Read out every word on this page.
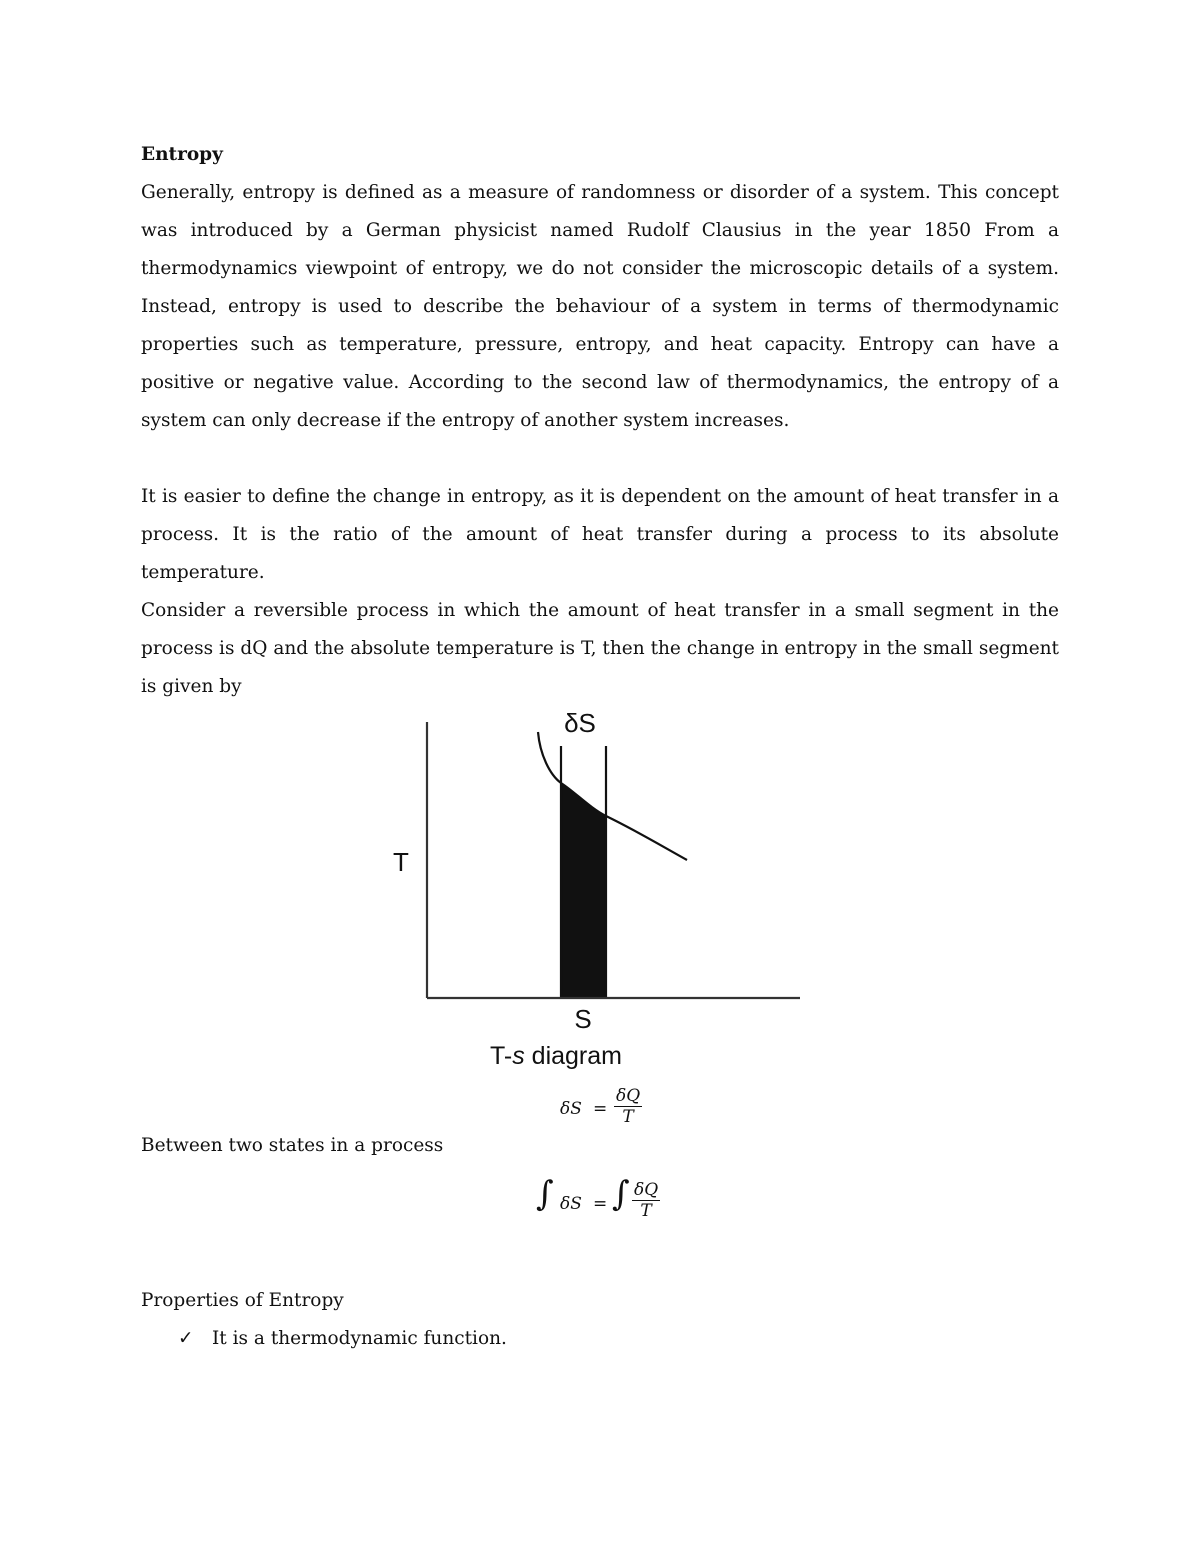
Entropy

Generally, entropy is defined as a measure of randomness or disorder of a system. This concept was introduced by a German physicist named Rudolf Clausius in the year 1850 From a thermodynamics viewpoint of entropy, we do not consider the microscopic details of a system. Instead, entropy is used to describe the behaviour of a system in terms of thermodynamic properties such as temperature, pressure, entropy, and heat capacity. Entropy can have a positive or negative value. According to the second law of thermodynamics, the entropy of a system can only decrease if the entropy of another system increases.

It is easier to define the change in entropy, as it is dependent on the amount of heat transfer in a process. It is the ratio of the amount of heat transfer during a process to its absolute temperature.

Consider a reversible process in which the amount of heat transfer in a small segment in the process is dQ and the absolute temperature is T, then the change in entropy in the small segment is given by

δS
T
S
T-s diagram
$\delta S = \frac{\delta Q}{T}$

Between two states in a process

∫ δS = ∫ $\frac{\delta Q}{T}$

Properties of Entropy

✓ It is a thermodynamic function.
